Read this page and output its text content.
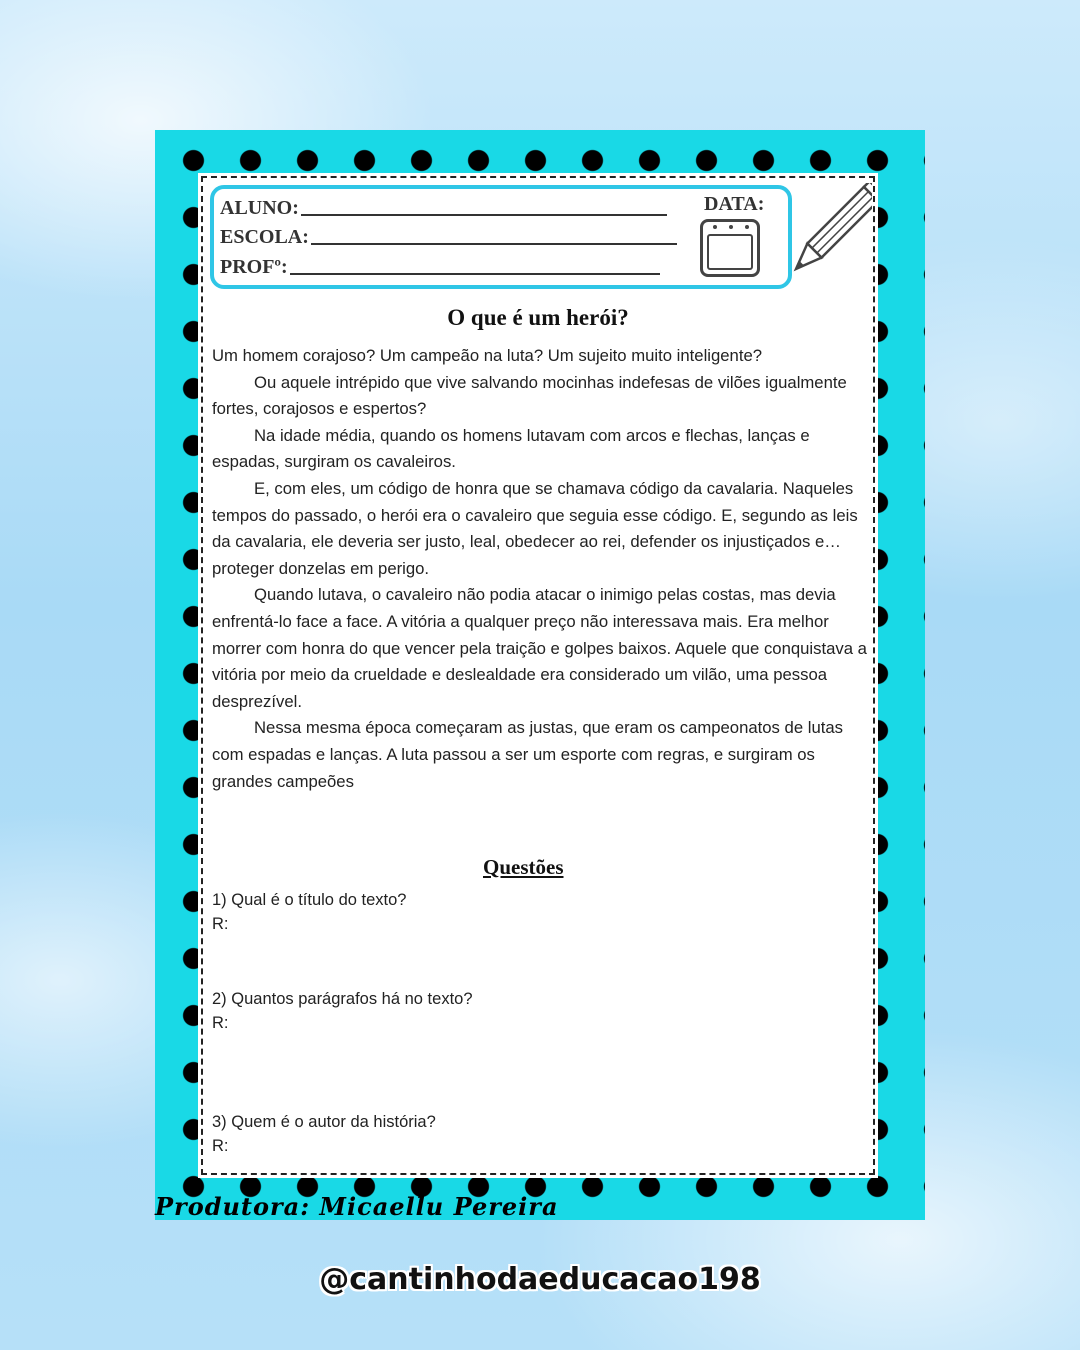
ALUNO:
ESCOLA:
PROFº:
DATA:
O que é um herói?

Um homem corajoso? Um campeão na luta? Um sujeito muito inteligente?

Ou aquele intrépido que vive salvando mocinhas indefesas de vilões igualmente fortes, corajosos e espertos?

Na idade média, quando os homens lutavam com arcos e flechas, lanças e espadas, surgiram os cavaleiros.

E, com eles, um código de honra que se chamava código da cavalaria. Naqueles tempos do passado, o herói era o cavaleiro que seguia esse código. E, segundo as leis da cavalaria, ele deveria ser justo, leal, obedecer ao rei, defender os injustiçados e… proteger donzelas em perigo.

Quando lutava, o cavaleiro não podia atacar o inimigo pelas costas, mas devia enfrentá-lo face a face. A vitória a qualquer preço não interessava mais. Era melhor morrer com honra do que vencer pela traição e golpes baixos. Aquele que conquistava a vitória por meio da crueldade e deslealdade era considerado um vilão, uma pessoa desprezível.

Nessa mesma época começaram as justas, que eram os campeonatos de lutas com espadas e lanças. A luta passou a ser um esporte com regras, e surgiram os grandes campeões

Questões
1) Qual é o título do texto?
R:
2) Quantos parágrafos há no texto?
R:
3) Quem é o autor da história?
R:
Produtora: Micaellu Pereira
@cantinhodaeducacao198
